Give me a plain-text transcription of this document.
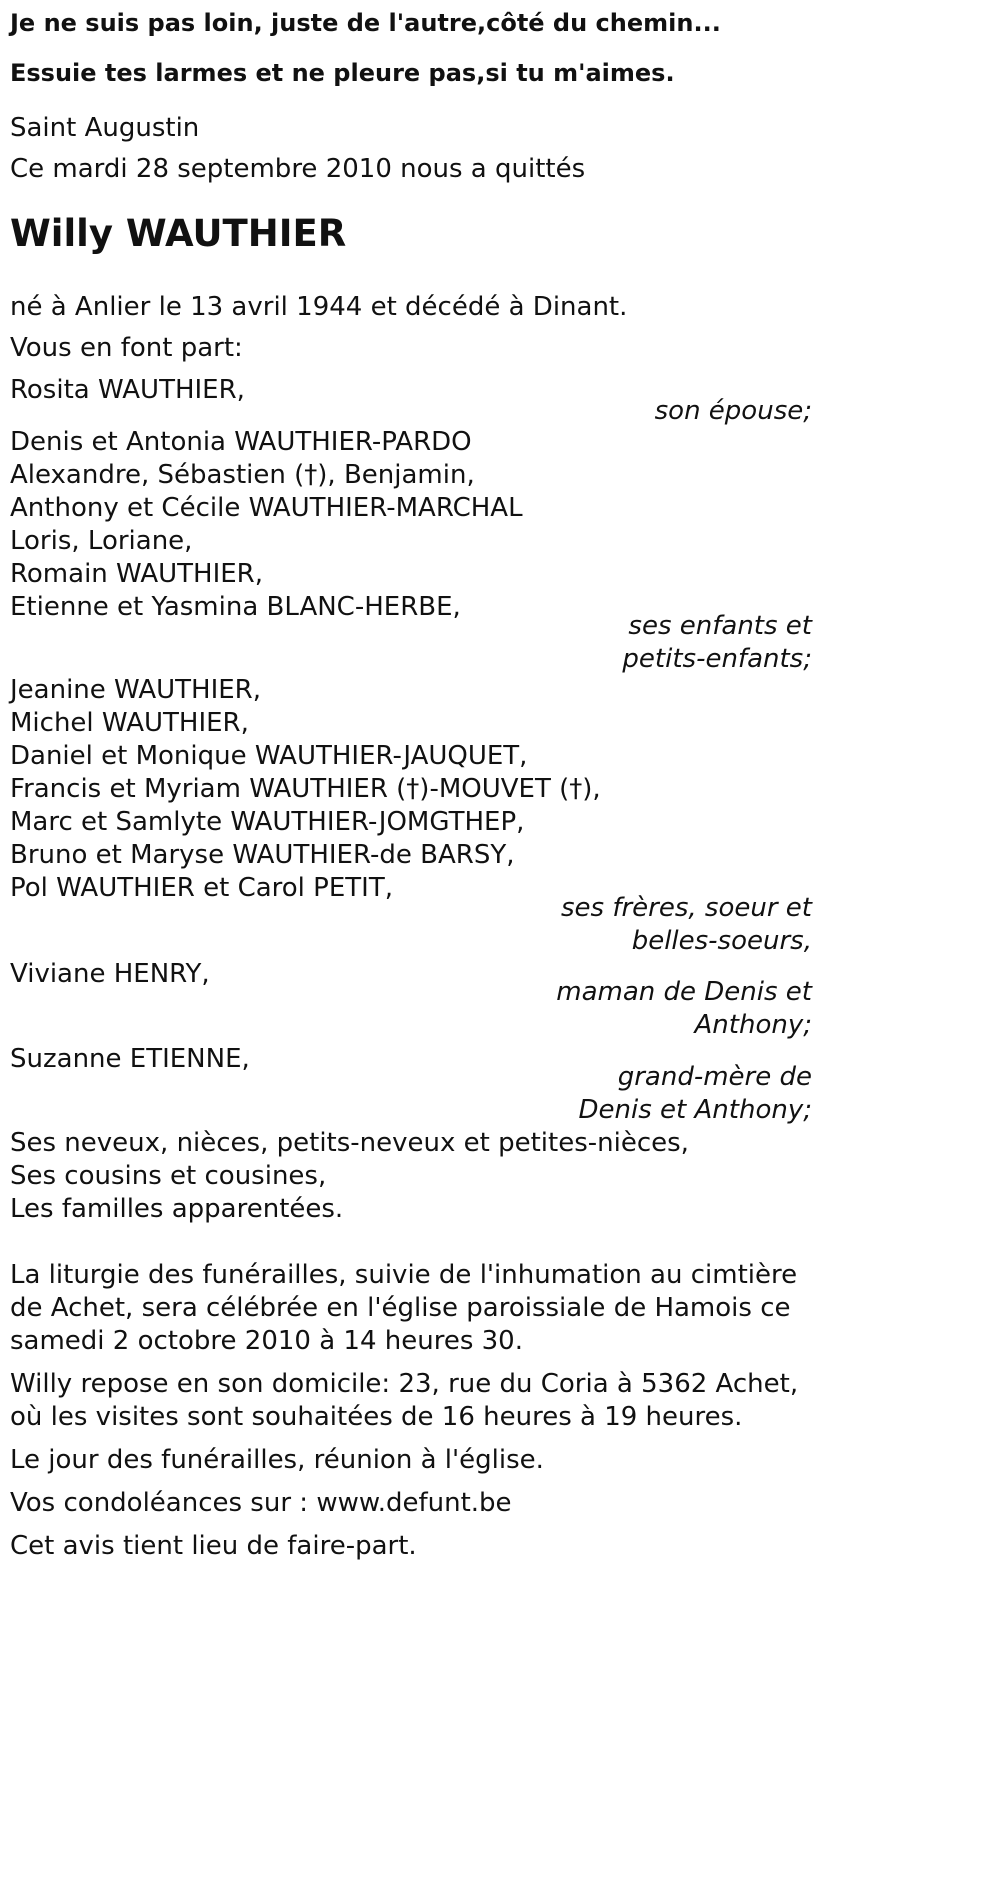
Je ne suis pas loin, juste de l'autre,côté du chemin...

Essuie tes larmes et ne pleure pas,si tu m'aimes.

Saint Augustin

Ce mardi 28 septembre 2010 nous a quittés

Willy WAUTHIER

né à Anlier le 13 avril 1944 et décédé à Dinant.

Vous en font part:

Rosita WAUTHIER,
son épouse;
Denis et Antonia WAUTHIER-PARDO
Alexandre, Sébastien (†), Benjamin,
Anthony et Cécile WAUTHIER-MARCHAL
Loris, Loriane,
Romain WAUTHIER,
Etienne et Yasmina BLANC-HERBE,
ses enfants et
petits-enfants;
Jeanine WAUTHIER,
Michel WAUTHIER,
Daniel et Monique WAUTHIER-JAUQUET,
Francis et Myriam WAUTHIER (†)-MOUVET (†),
Marc et Samlyte WAUTHIER-JOMGTHEP,
Bruno et Maryse WAUTHIER-de BARSY,
Pol WAUTHIER et Carol PETIT,
ses frères, soeur et
belles-soeurs,
Viviane HENRY,
maman de Denis et
Anthony;
Suzanne ETIENNE,
grand-mère de
Denis et Anthony;
Ses neveux, nièces, petits-neveux et petites-nièces,
Ses cousins et cousines,
Les familles apparentées.

La liturgie des funérailles, suivie de l'inhumation au cimtière de Achet, sera célébrée en l'église paroissiale de Hamois ce samedi 2 octobre 2010 à 14 heures 30.

Willy repose en son domicile: 23, rue du Coria à 5362 Achet, où les visites sont souhaitées de 16 heures à 19 heures.

Le jour des funérailles, réunion à l'église.

Vos condoléances sur : www.defunt.be

Cet avis tient lieu de faire-part.
